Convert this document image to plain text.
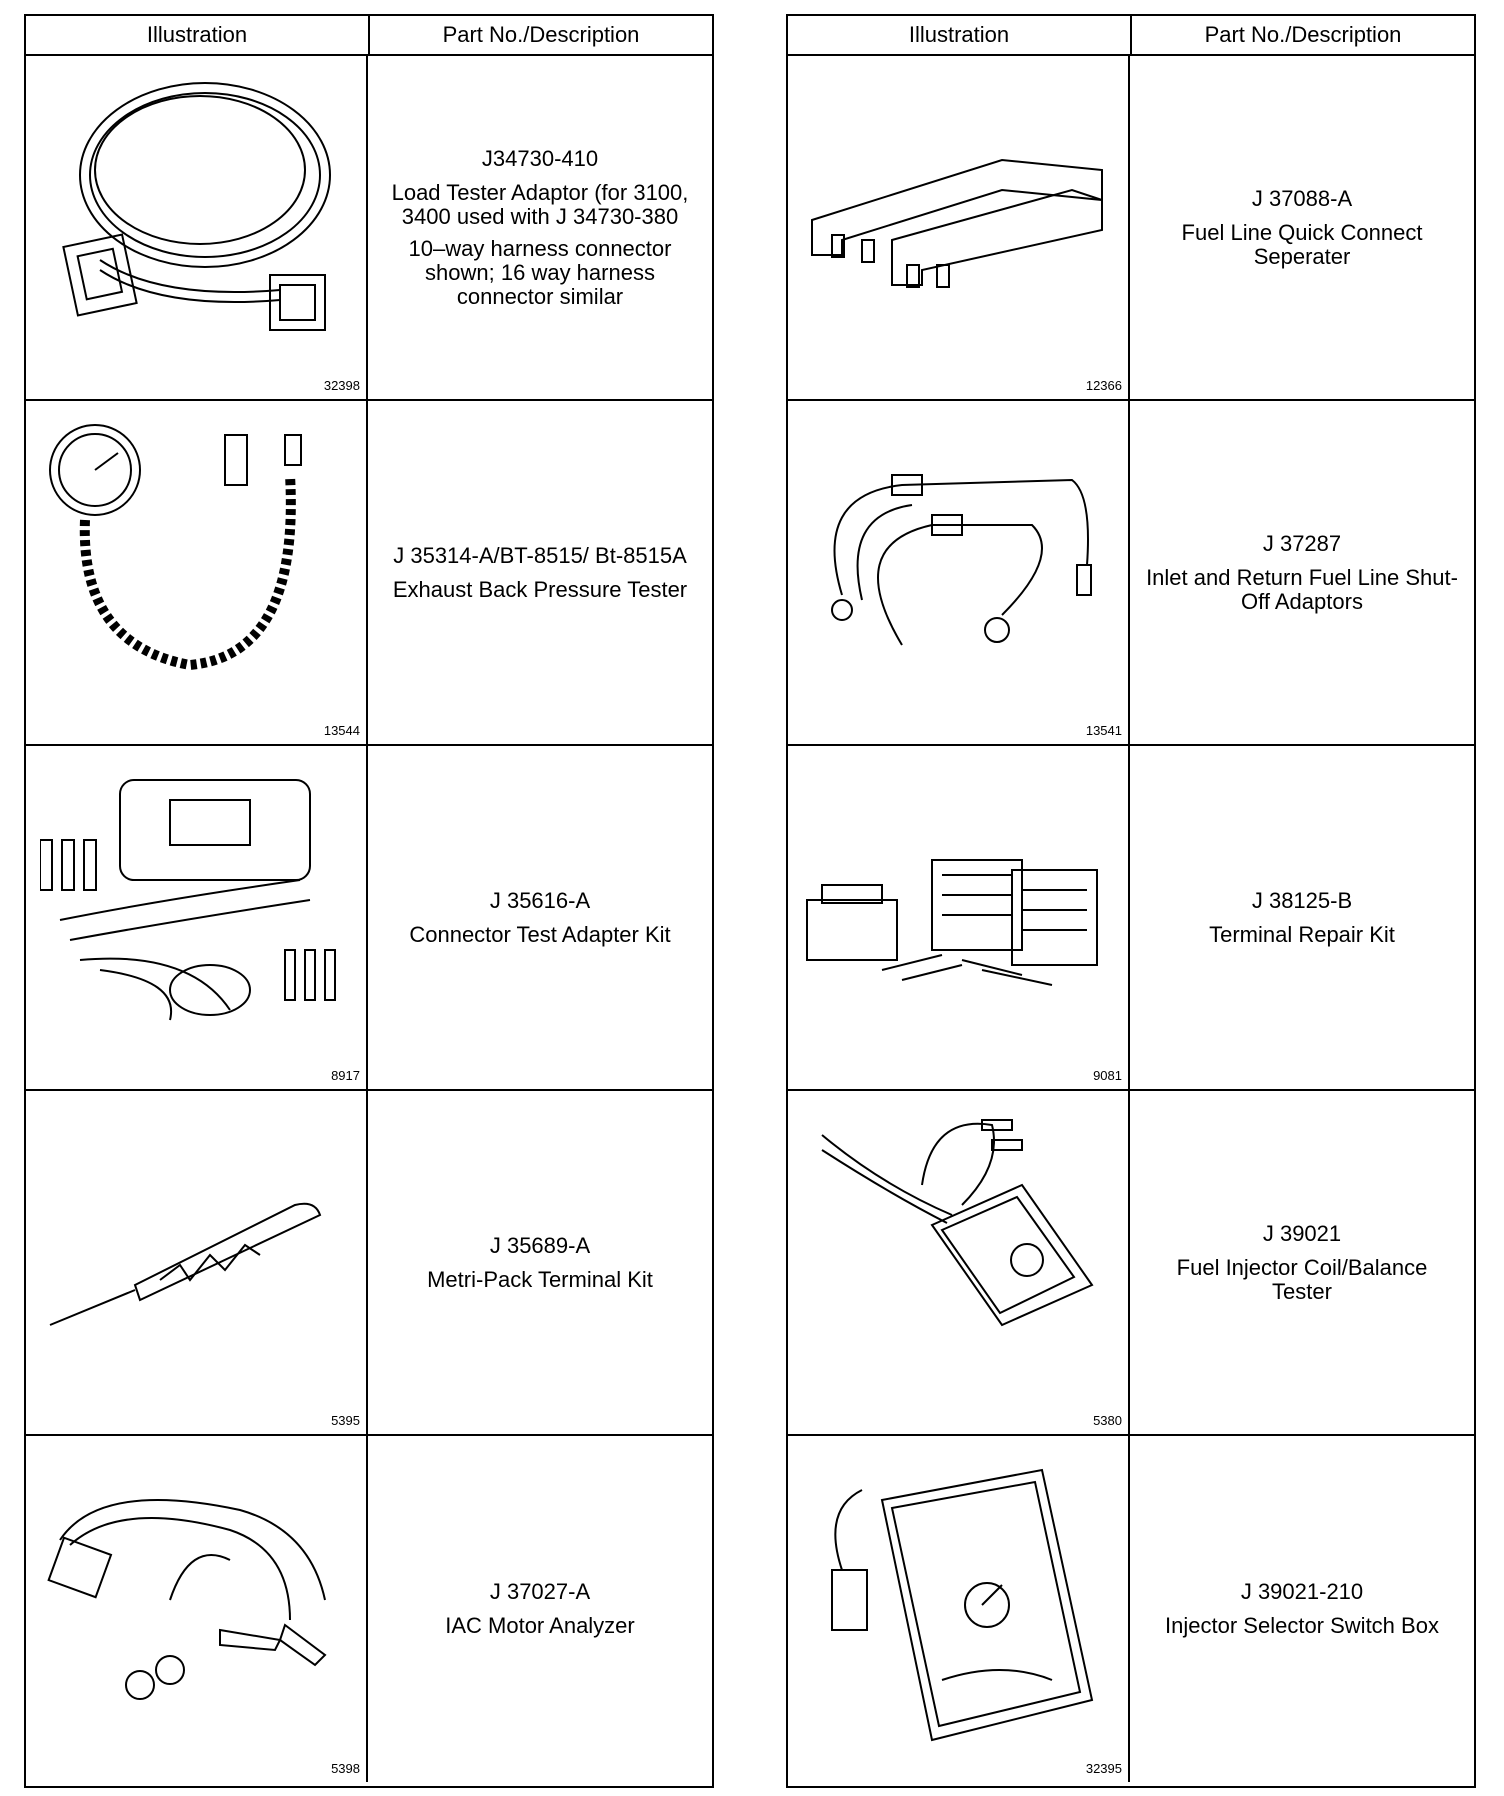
Illustration	Part No./Description
32398
J34730-410
Load Tester Adaptor (for 3100, 3400 used with J 34730-380
10–way harness connector shown; 16 way harness connector similar
13544
J 35314-A/BT-8515/ Bt-8515A
Exhaust Back Pressure Tester
8917
J 35616-A
Connector Test Adapter Kit
5395
J 35689-A
Metri-Pack Terminal Kit
5398
J 37027-A
IAC Motor Analyzer
Illustration	Part No./Description
12366
J 37088-A
Fuel Line Quick Connect Seperater
13541
J 37287
Inlet and Return Fuel Line Shut-Off Adaptors
9081
J 38125-B
Terminal Repair Kit
5380
J 39021
Fuel Injector Coil/Balance Tester
32395
J 39021-210
Injector Selector Switch Box
